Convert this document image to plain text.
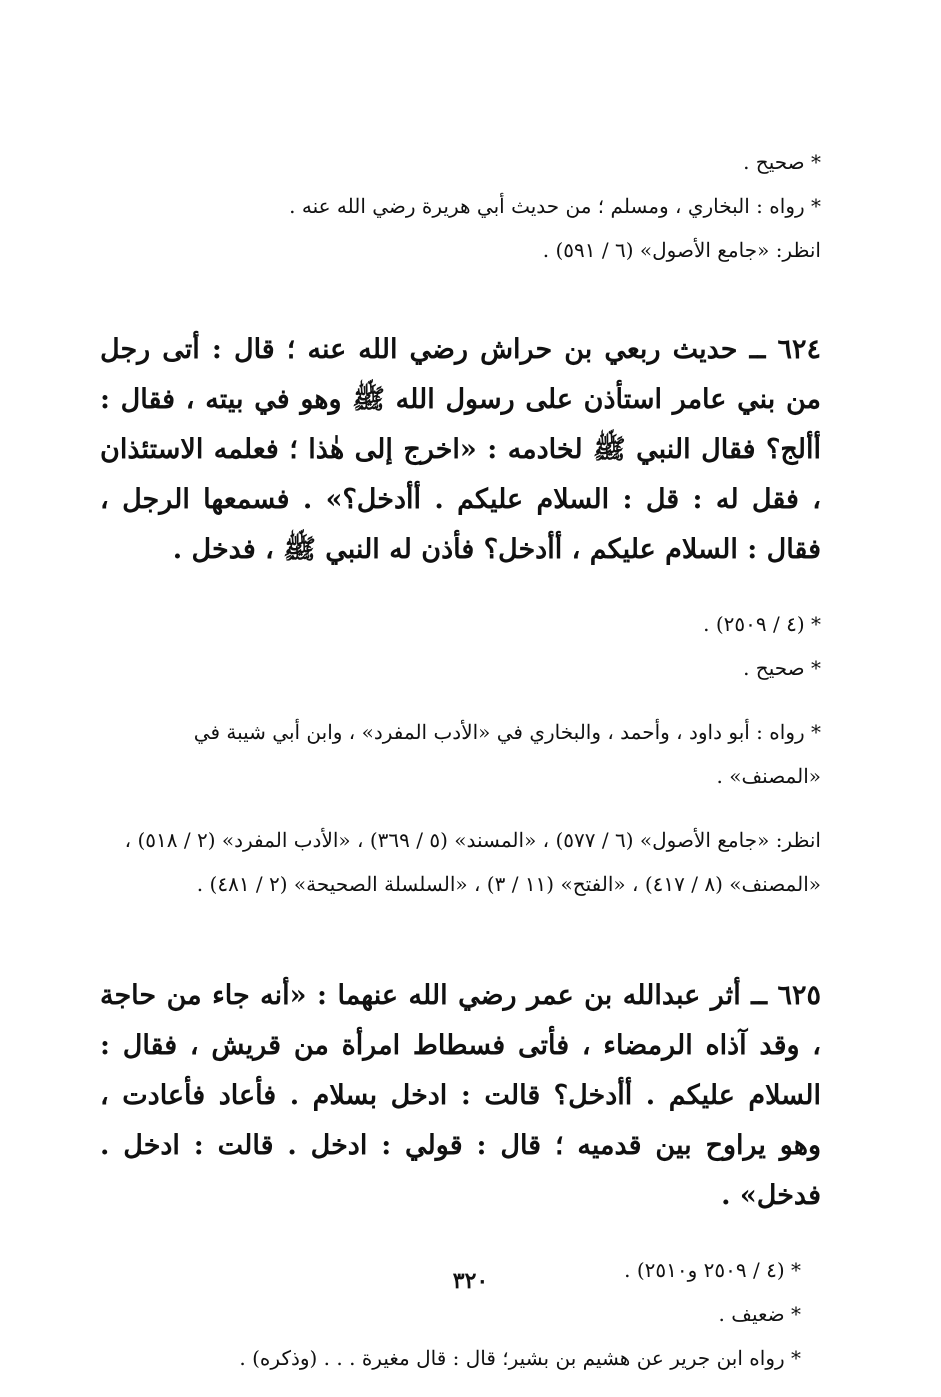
* صحيح .

* رواه : البخاري ، ومسلم ؛ من حديث أبي هريرة رضي الله عنه .

انظر: «جامع الأصول» (٦ / ٥٩١) .

٦٢٤ ــ حديث ربعي بن حراش رضي الله عنه ؛ قال : أتى رجل من بني عامر استأذن على رسول الله ﷺ وهو في بيته ، فقال : أألج؟ فقال النبي ﷺ لخادمه : «اخرج إلى هٰذا ؛ فعلمه الاستئذان ، فقل له : قل : السلام عليكم . أأدخل؟» . فسمعها الرجل ، فقال : السلام عليكم ، أأدخل؟ فأذن له النبي ﷺ ، فدخل .

* (٤ / ٢٥٠٩) .

* صحيح .

* رواه : أبو داود ، وأحمد ، والبخاري في «الأدب المفرد» ، وابن أبي شيبة في «المصنف» .

انظر: «جامع الأصول» (٦ / ٥٧٧) ، «المسند» (٥ / ٣٦٩) ، «الأدب المفرد» (٢ / ٥١٨) ، «المصنف» (٨ / ٤١٧) ، «الفتح» (١١ / ٣) ، «السلسلة الصحيحة» (٢ / ٤٨١) .

٦٢٥ ــ أثر عبدالله بن عمر رضي الله عنهما : «أنه جاء من حاجة ، وقد آذاه الرمضاء ، فأتى فسطاط امرأة من قريش ، فقال : السلام عليكم . أأدخل؟ قالت : ادخل بسلام . فأعاد فأعادت ، وهو يراوح بين قدميه ؛ قال : قولي : ادخل . قالت : ادخل . فدخل» .

* (٤ / ٢٥٠٩ و٢٥١٠) .

* ضعيف .

* رواه ابن جرير عن هشيم بن بشير؛ قال : قال مغيرة . . . (وذكره) .

٣٢٠
